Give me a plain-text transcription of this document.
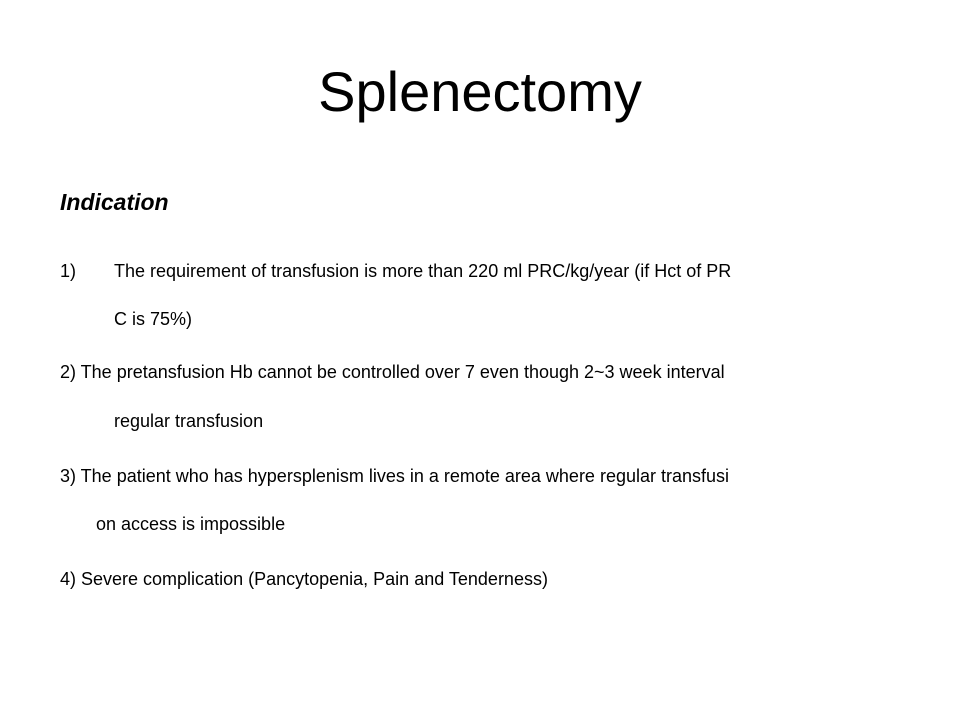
Splenectomy
Indication
1) The requirement of transfusion is more than 220 ml PRC/kg/year (if Hct of PR
C is 75%)
2) The pretansfusion Hb cannot be controlled over 7 even though 2~3 week interval
regular transfusion
3) The patient who has hypersplenism lives in a remote area where regular transfusi
on access is impossible
4) Severe complication (Pancytopenia, Pain and Tenderness)
